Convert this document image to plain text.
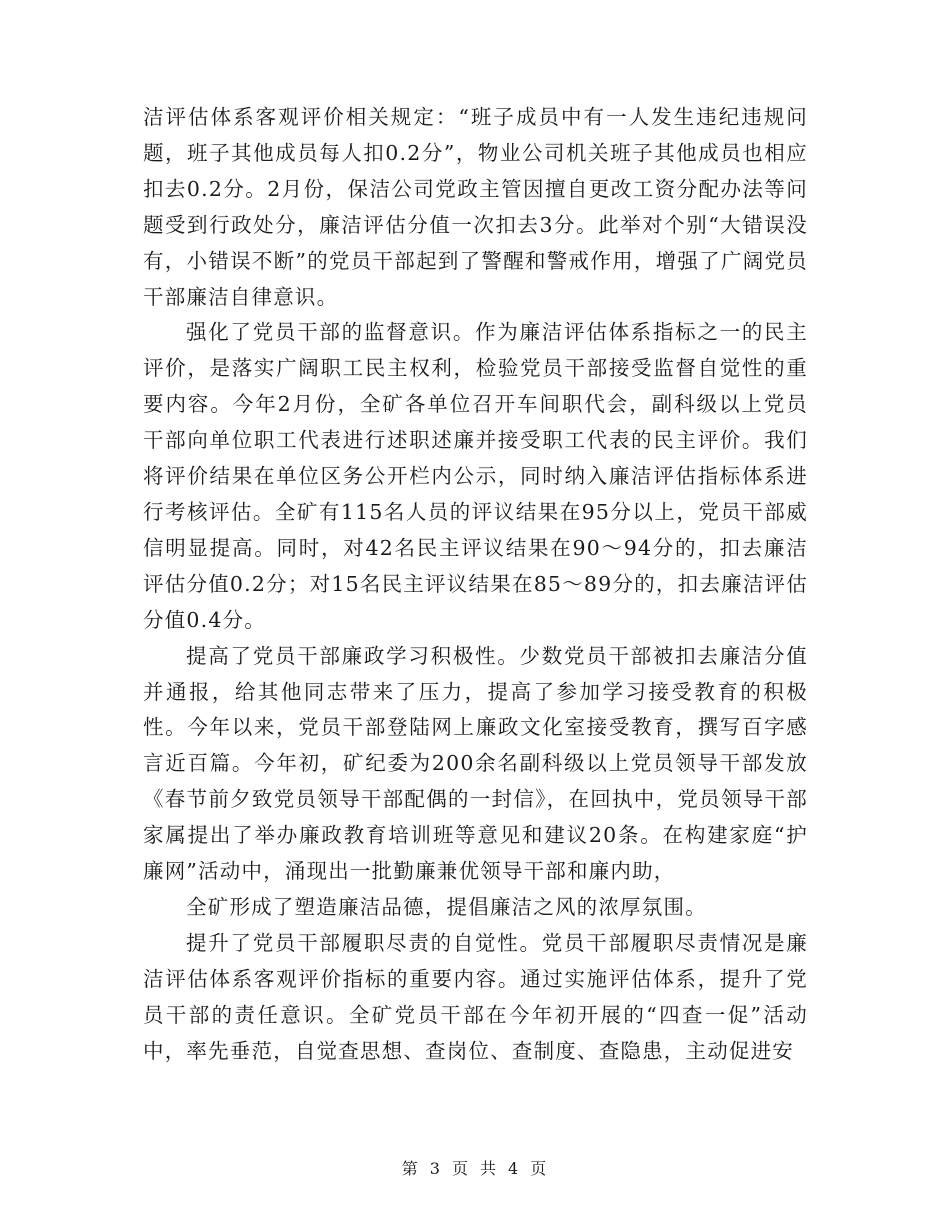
洁评估体系客观评价相关规定：“班子成员中有一人发生违纪违规问题，班子其他成员每人扣0.2分”，物业公司机关班子其他成员也相应扣去0.2分。2月份，保洁公司党政主管因擅自更改工资分配办法等问题受到行政处分，廉洁评估分值一次扣去3分。此举对个别“大错误没有，小错误不断”的党员干部起到了警醒和警戒作用，增强了广阔党员干部廉洁自律意识。

强化了党员干部的监督意识。作为廉洁评估体系指标之一的民主评价，是落实广阔职工民主权利，检验党员干部接受监督自觉性的重要内容。今年2月份，全矿各单位召开车间职代会，副科级以上党员干部向单位职工代表进行述职述廉并接受职工代表的民主评价。我们将评价结果在单位区务公开栏内公示，同时纳入廉洁评估指标体系进行考核评估。全矿有115名人员的评议结果在95分以上，党员干部威信明显提高。同时，对42名民主评议结果在90～94分的，扣去廉洁评估分值0.2分；对15名民主评议结果在85～89分的，扣去廉洁评估分值0.4分。

提高了党员干部廉政学习积极性。少数党员干部被扣去廉洁分值并通报，给其他同志带来了压力，提高了参加学习接受教育的积极性。今年以来，党员干部登陆网上廉政文化室接受教育，撰写百字感言近百篇。今年初，矿纪委为200余名副科级以上党员领导干部发放《春节前夕致党员领导干部配偶的一封信》，在回执中，党员领导干部家属提出了举办廉政教育培训班等意见和建议20条。在构建家庭“护廉网”活动中，涌现出一批勤廉兼优领导干部和廉内助，

全矿形成了塑造廉洁品德，提倡廉洁之风的浓厚氛围。

提升了党员干部履职尽责的自觉性。党员干部履职尽责情况是廉洁评估体系客观评价指标的重要内容。通过实施评估体系，提升了党员干部的责任意识。全矿党员干部在今年初开展的“四查一促”活动中，率先垂范，自觉查思想、查岗位、查制度、查隐患，主动促进安

第 3 页 共 4 页
